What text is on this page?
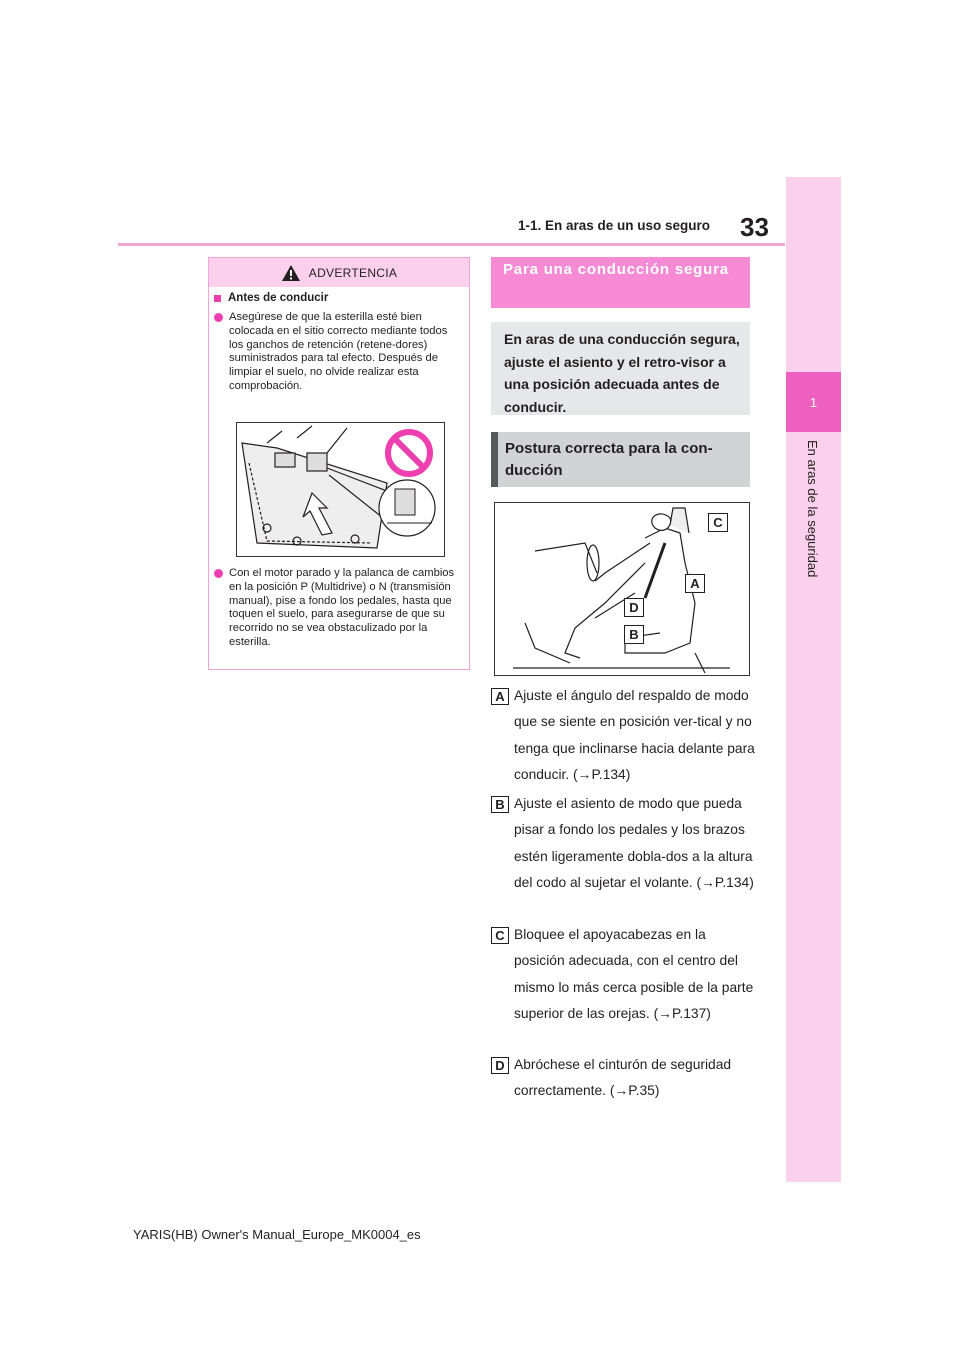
1-1. En aras de un uso seguro 33
1
En aras de la seguridad
ADVERTENCIA
Antes de conducir
Asegúrese de que la esterilla esté bien colocada en el sitio correcto mediante todos los ganchos de retención (retene-dores) suministrados para tal efecto. Después de limpiar el suelo, no olvide realizar esta comprobación.
Con el motor parado y la palanca de cambios en la posición P (Multidrive) o N (transmisión manual), pise a fondo los pedales, hasta que toquen el suelo, para asegurarse de que su recorrido no se vea obstaculizado por la esterilla.
Para una conducción segura
En aras de una conducción segura, ajuste el asiento y el retro-visor a una posición adecuada antes de conducir.
Postura correcta para la con-ducción
C
A
D
B
A Ajuste el ángulo del respaldo de modo que se siente en posición ver-tical y no tenga que inclinarse hacia delante para conducir. (→P.134)
B Ajuste el asiento de modo que pueda pisar a fondo los pedales y los brazos estén ligeramente dobla-dos a la altura del codo al sujetar el volante. (→P.134)
C Bloquee el apoyacabezas en la posición adecuada, con el centro del mismo lo más cerca posible de la parte superior de las orejas. (→P.137)
D Abróchese el cinturón de seguridad correctamente. (→P.35)
YARIS(HB) Owner's Manual_Europe_MK0004_es
